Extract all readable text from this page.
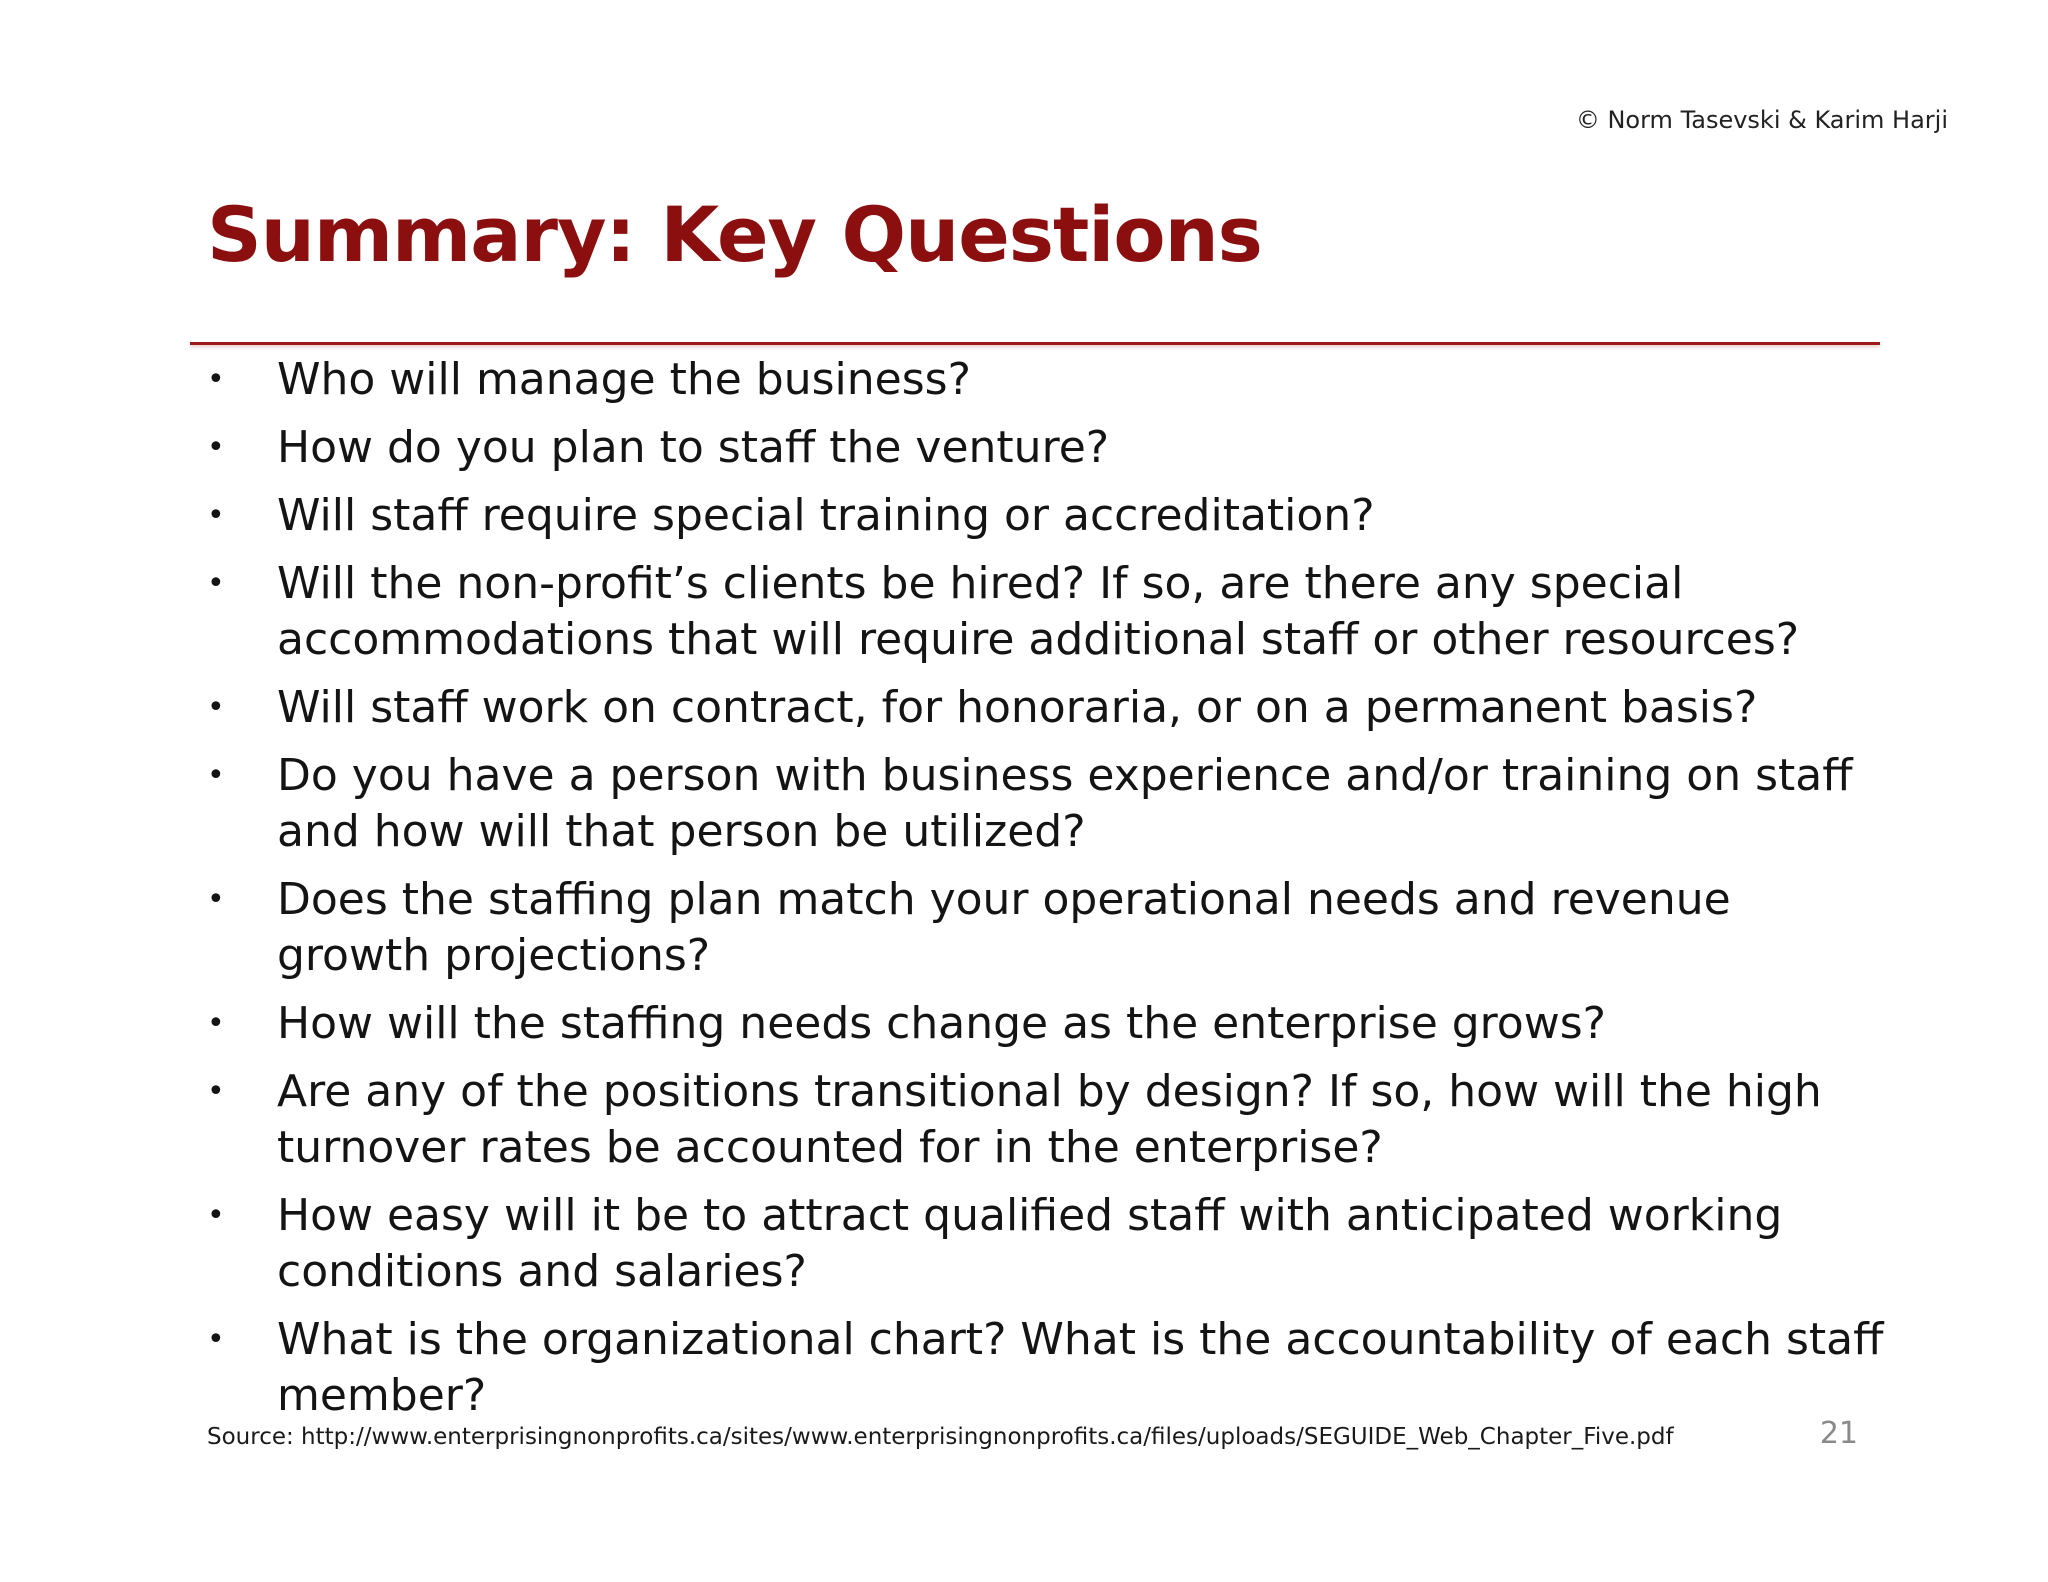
© Norm Tasevski & Karim Harji
Summary: Key Questions
• Who will manage the business?
• How do you plan to staff the venture?
• Will staff require special training or accreditation?
• Will the non-profit’s clients be hired? If so, are there any special accommodations that will require additional staff or other resources?
• Will staff work on contract, for honoraria, or on a permanent basis?
• Do you have a person with business experience and/or training on staff and how will that person be utilized?
• Does the staffing plan match your operational needs and revenue growth projections?
• How will the staffing needs change as the enterprise grows?
• Are any of the positions transitional by design? If so, how will the high turnover rates be accounted for in the enterprise?
• How easy will it be to attract qualified staff with anticipated working conditions and salaries?
• What is the organizational chart? What is the accountability of each staff member?
Source: http://www.enterprisingnonprofits.ca/sites/www.enterprisingnonprofits.ca/files/uploads/SEGUIDE_Web_Chapter_Five.pdf	21
